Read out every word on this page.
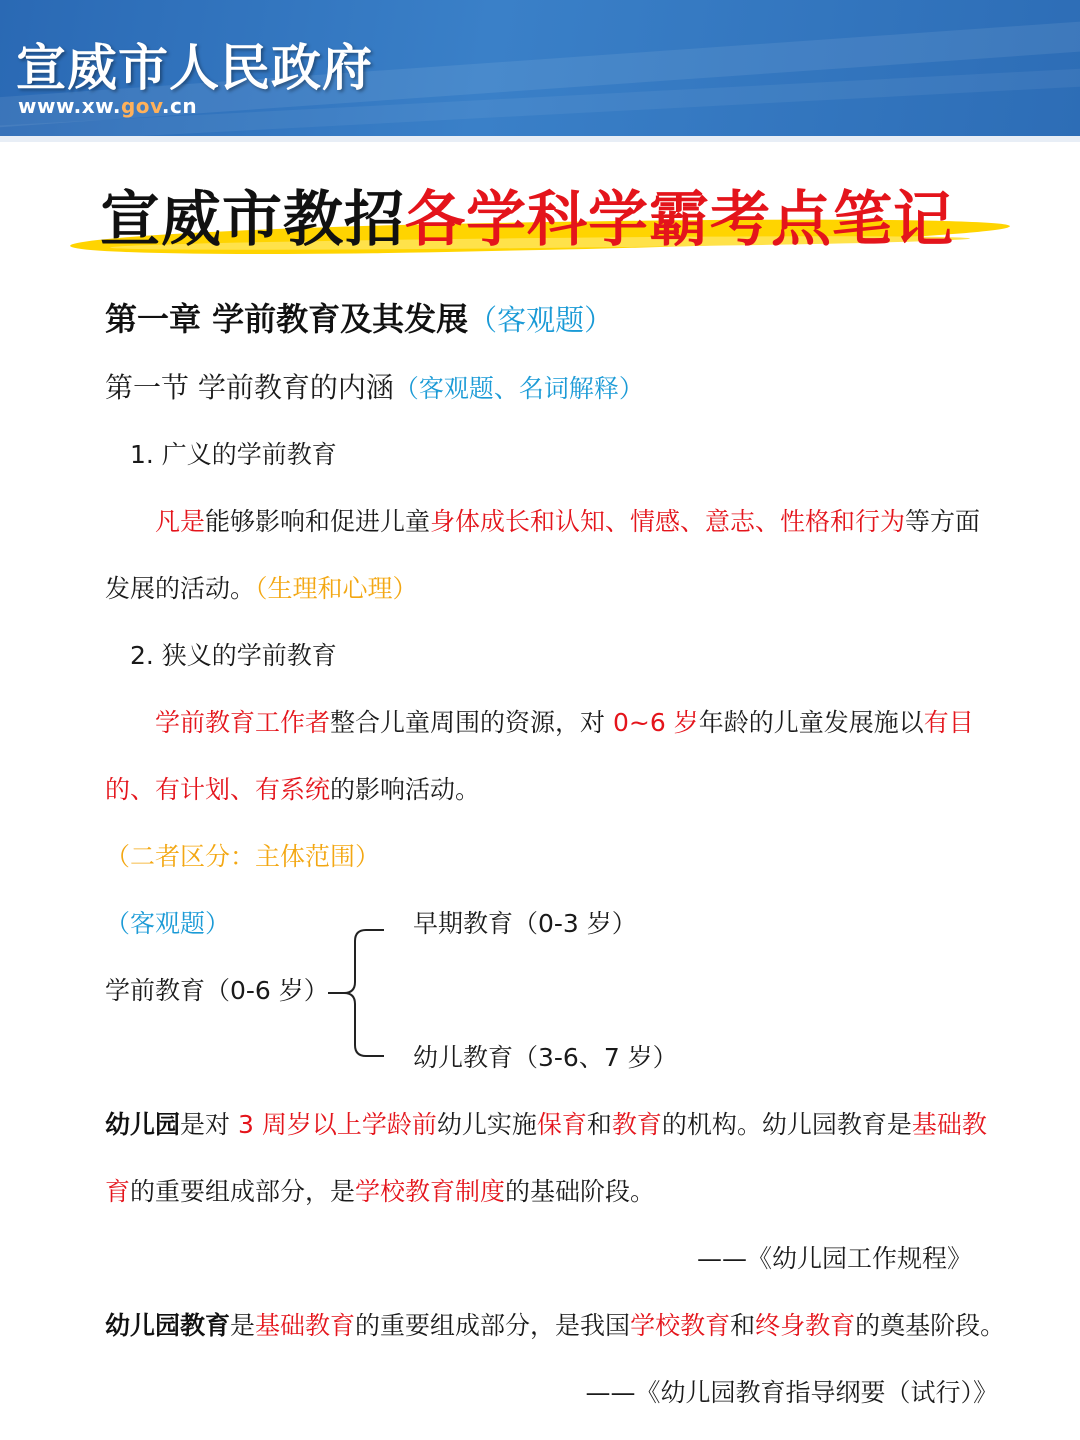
宣威市人民政府
www.xw.gov.cn
宣威市教招各学科学霸考点笔记
第一章 学前教育及其发展（客观题）
第一节 学前教育的内涵（客观题、名词解释）
1. 广义的学前教育
凡是能够影响和促进儿童身体成长和认知、情感、意志、性格和行为等方面
发展的活动。（生理和心理）
2. 狭义的学前教育
学前教育工作者整合儿童周围的资源，对 0~6 岁年龄的儿童发展施以有目
的、有计划、有系统的影响活动。
（二者区分：主体范围）
（客观题）
学前教育（0-6 岁）
早期教育（0-3 岁）
幼儿教育（3-6、7 岁）
幼儿园是对 3 周岁以上学龄前幼儿实施保育和教育的机构。幼儿园教育是基础教
育的重要组成部分，是学校教育制度的基础阶段。
——《幼儿园工作规程》
幼儿园教育是基础教育的重要组成部分，是我国学校教育和终身教育的奠基阶段。
——《幼儿园教育指导纲要（试行）》
